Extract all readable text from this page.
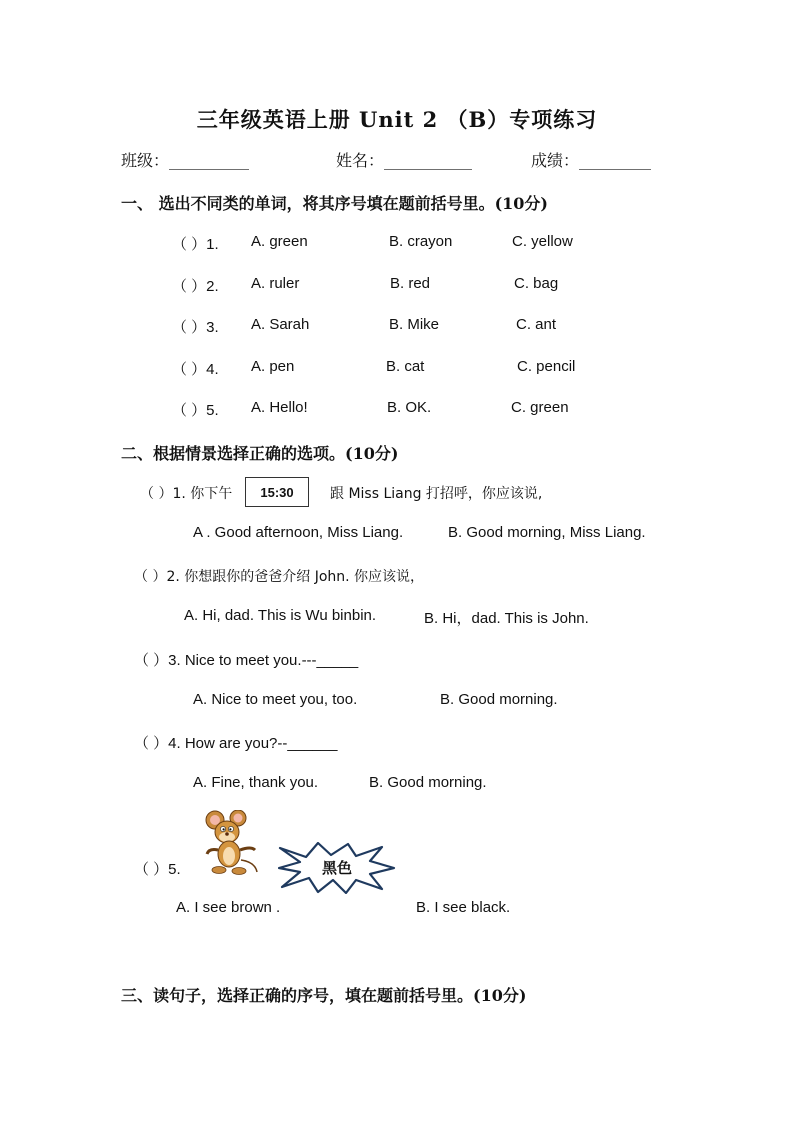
三年级英语上册 Unit 2 （B）专项练习
班级：__________	姓名：___________	成绩：_________
一、 选出不同类的单词，将其序号填在题前括号里。(10分)
（ ）1. A. green	B. crayon	C. yellow
（ ）2. A. ruler	B. red	C. bag
（ ）3. A. Sarah	B. Mike	C. ant
（ ）4. A. pen	B. cat	C. pencil
（ ）5. A. Hello!	B. OK.	C. green
二、根据情景选择正确的选项。(10分)
（ ）1. 你下午	15:30	跟 Miss Liang 打招呼，你应该说,
A . Good afternoon, Miss Liang.	B. Good morning, Miss Liang.
（ ）2. 你想跟你的爸爸介绍 John. 你应该说，
A. Hi, dad. This is Wu binbin.	B. Hi，dad. This is John.
（ ）3. Nice to meet you.---_____
A. Nice to meet you, too.	B. Good morning.
（ ）4. How are you?--______
A. Fine, thank you.	B. Good morning.
（ ）5.	黑色
A. I see brown .	B. I see black.
三、读句子，选择正确的序号，填在题前括号里。(10分)
